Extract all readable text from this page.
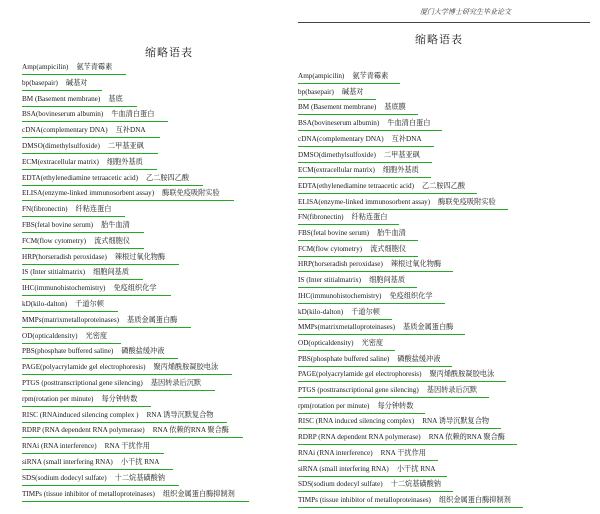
缩略语表
Amp(ampicilin) 氨苄青霉素
bp(basepair) 碱基对
BM (Basement membrane) 基底
BSA(bovineserum albumin) 牛血清白蛋白
cDNA(complementary DNA) 互补DNA
DMSO(dimethylsulfoxide) 二甲基亚砜
ECM(extracellular matrix) 细胞外基质
EDTA(ethylenediamine tetraacetic acid) 乙二胺四乙酸
ELISA(enzyme-linked immunosorbent assay) 酶联免疫吸附实验
FN(fibronectin) 纤粘连蛋白
FBS(fetal bovine serum) 胎牛血清
FCM(flow cytometry) 流式细胞仪
HRP(horseradish peroxidase) 辣根过氧化物酶
IS (Inter stitialmatrix) 细胞间基质
IHC(immunohistochemistry) 免疫组织化学
kD(kilo-dalton) 千道尔顿
MMPs(matrixmetalloproteinases) 基质金属蛋白酶
OD(opticaldensity) 光密度
PBS(phosphate buffered saline) 磷酸盐缓冲液
PAGE(polyacrylamide gel electrophoresis) 聚丙烯酰胺凝胶电泳
PTGS (posttranscriptional gene silencing) 基因转录后沉默
rpm(rotation per minute) 每分钟转数
RISC (RNAinduced silencing complex ) RNA 诱导沉默复合物
RDRP (RNA dependent RNA polymerase) RNA 依赖的RNA 聚合酶
RNAi (RNA interference) RNA 干扰作用
siRNA (small interfering RNA) 小干扰 RNA
SDS(sodium dodecyl sulfate) 十二烷基磺酸钠
TIMPs (tissue inhibitor of metalloproteinases) 组织金属蛋白酶抑制剂
厦门大学博士研究生毕业论文
缩略语表
Amp(ampicilin) 氨苄青霉素
bp(basepair) 碱基对
BM (Basement membrane) 基底膜
BSA(bovineserum albumin) 牛血清白蛋白
cDNA(complementary DNA) 互补DNA
DMSO(dimethylsulfoxide) 二甲基亚砜
ECM(extracellular matrix) 细胞外基质
EDTA(ethylenediamine tetraacetic acid) 乙二胺四乙酸
ELISA(enzyme-linked immunosorbent assay) 酶联免疫吸附实验
FN(fibronectin) 纤粘连蛋白
FBS(fetal bovine serum) 胎牛血清
FCM(flow cytometry) 流式细胞仪
HRP(horseradish peroxidase) 辣根过氧化物酶
IS (Inter stitialmatrix) 细胞间基质
IHC(immunohistochemistry) 免疫组织化学
kD(kilo-dalton) 千道尔顿
MMPs(matrixmetalloproteinases) 基质金属蛋白酶
OD(opticaldensity) 光密度
PBS(phosphate buffered saline) 磷酸盐缓冲液
PAGE(polyacrylamide gel electrophoresis) 聚丙烯酰胺凝胶电泳
PTGS (posttranscriptional gene silencing) 基因转录后沉默
rpm(rotation per minute) 每分钟转数
RISC (RNA induced silencing complex) RNA 诱导沉默复合物
RDRP (RNA dependent RNA polymerase) RNA 依赖的RNA 聚合酶
RNAi (RNA interference) RNA 干扰作用
siRNA (small interfering RNA) 小干扰 RNA
SDS(sodium dodecyl sulfate) 十二烷基磺酸钠
TIMPs (tissue inhibitor of metalloproteinases) 组织金属蛋白酶抑制剂
